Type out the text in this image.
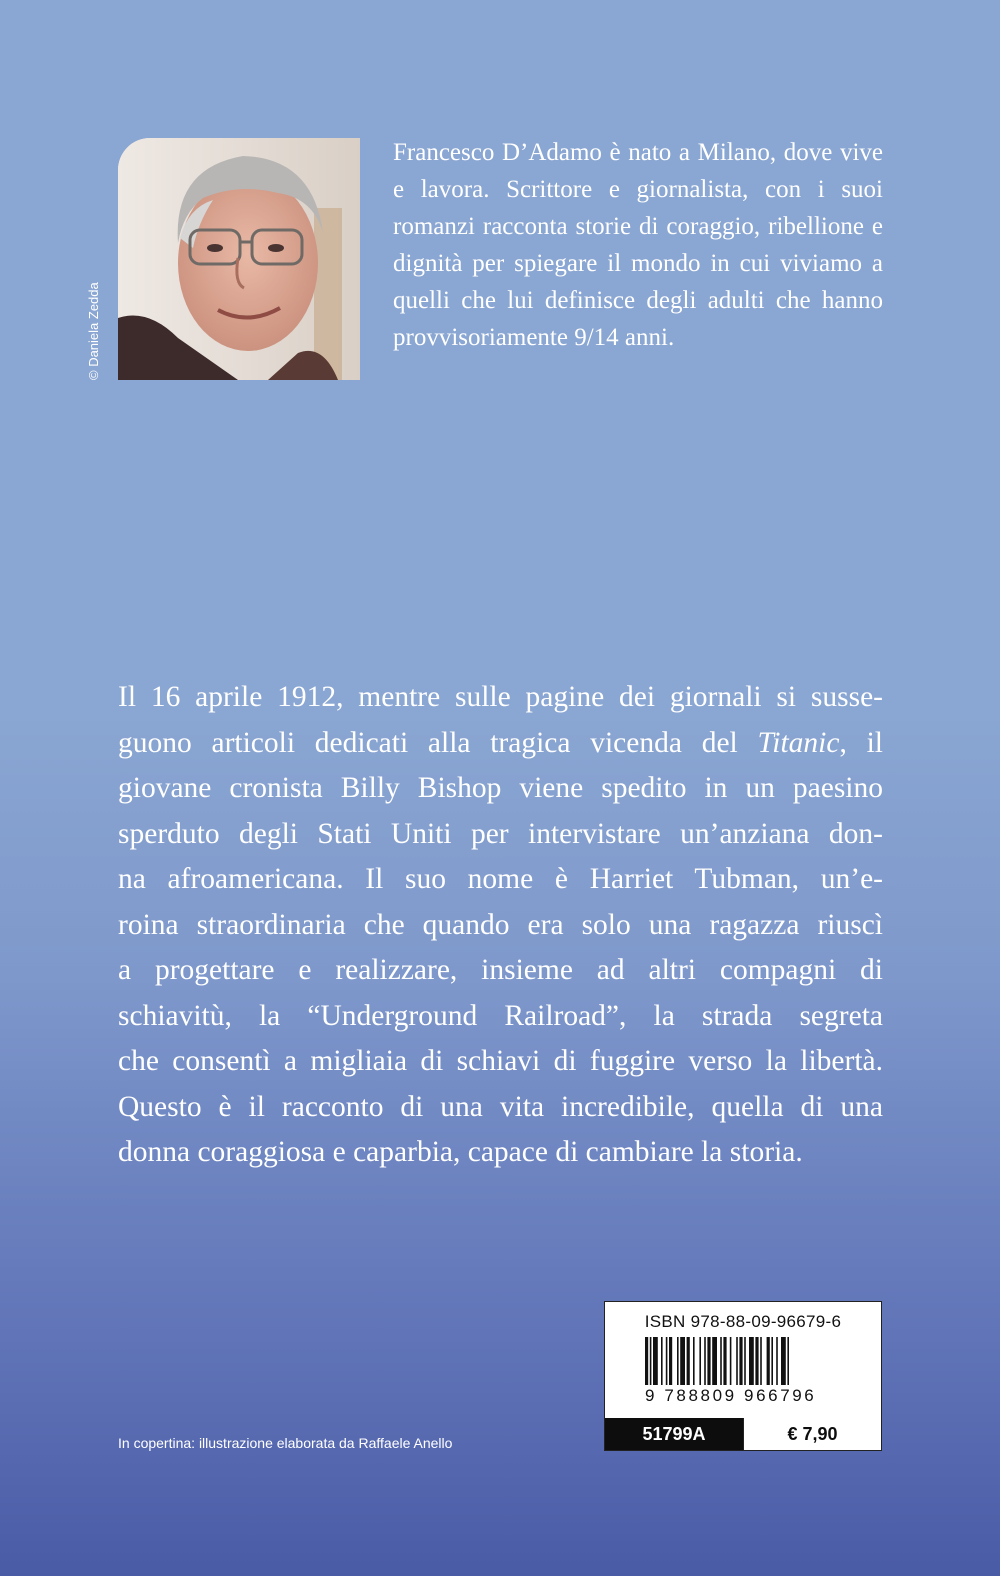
© Daniela Zedda
Francesco D’Adamo è nato a Milano, dove vive e lavora. Scrittore e giornalista, con i suoi romanzi racconta storie di coraggio, ribellione e dignità per spiegare il mondo in cui viviamo a quelli che lui definisce degli adulti che hanno provvisoriamente 9/14 anni.
Il 16 aprile 1912, mentre sulle pagine dei giornali si susse-
guono articoli dedicati alla tragica vicenda del Titanic, il
giovane cronista Billy Bishop viene spedito in un paesino
sperduto degli Stati Uniti per intervistare un’anziana don-
na afroamericana. Il suo nome è Harriet Tubman, un’e-
roina straordinaria che quando era solo una ragazza riuscì
a progettare e realizzare, insieme ad altri compagni di
schiavitù, la “Underground Railroad”, la strada segreta
che consentì a migliaia di schiavi di fuggire verso la libertà.
Questo è il racconto di una vita incredibile, quella di una
donna coraggiosa e caparbia, capace di cambiare la storia.
ISBN 978-88-09-96679-6
9 788809 966796
51799A	€ 7,90
In copertina: illustrazione elaborata da Raffaele Anello
